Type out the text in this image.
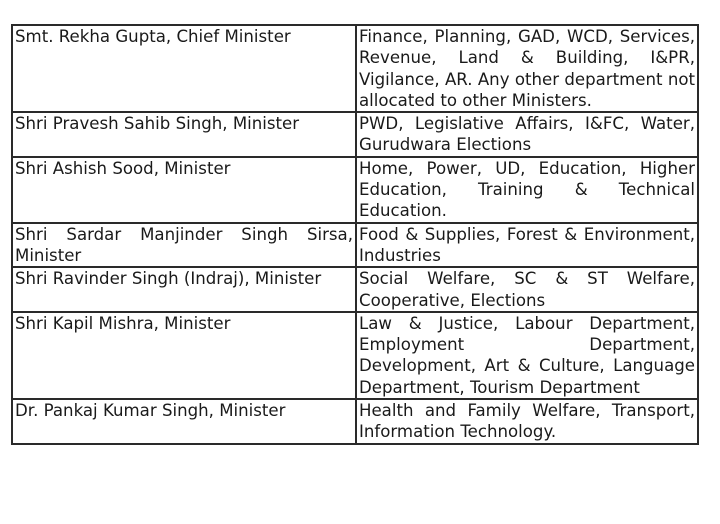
Smt. Rekha Gupta, Chief Minister	Finance, Planning, GAD, WCD, Services, Revenue, Land & Building, I&PR, Vigilance, AR. Any other department not allocated to other Ministers.
Shri Pravesh Sahib Singh, Minister	PWD, Legislative Affairs, I&FC, Water, Gurudwara Elections
Shri Ashish Sood, Minister	Home, Power, UD, Education, Higher Education, Training & Technical Education.
Shri Sardar Manjinder Singh Sirsa, Minister	Food & Supplies, Forest & Environment, Industries
Shri Ravinder Singh (Indraj), Minister	Social Welfare, SC & ST Welfare, Cooperative, Elections
Shri Kapil Mishra, Minister	Law & Justice, Labour Department, Employment Department, Development, Art & Culture, Language Department, Tourism Department
Dr. Pankaj Kumar Singh, Minister	Health and Family Welfare, Transport, Information Technology.
